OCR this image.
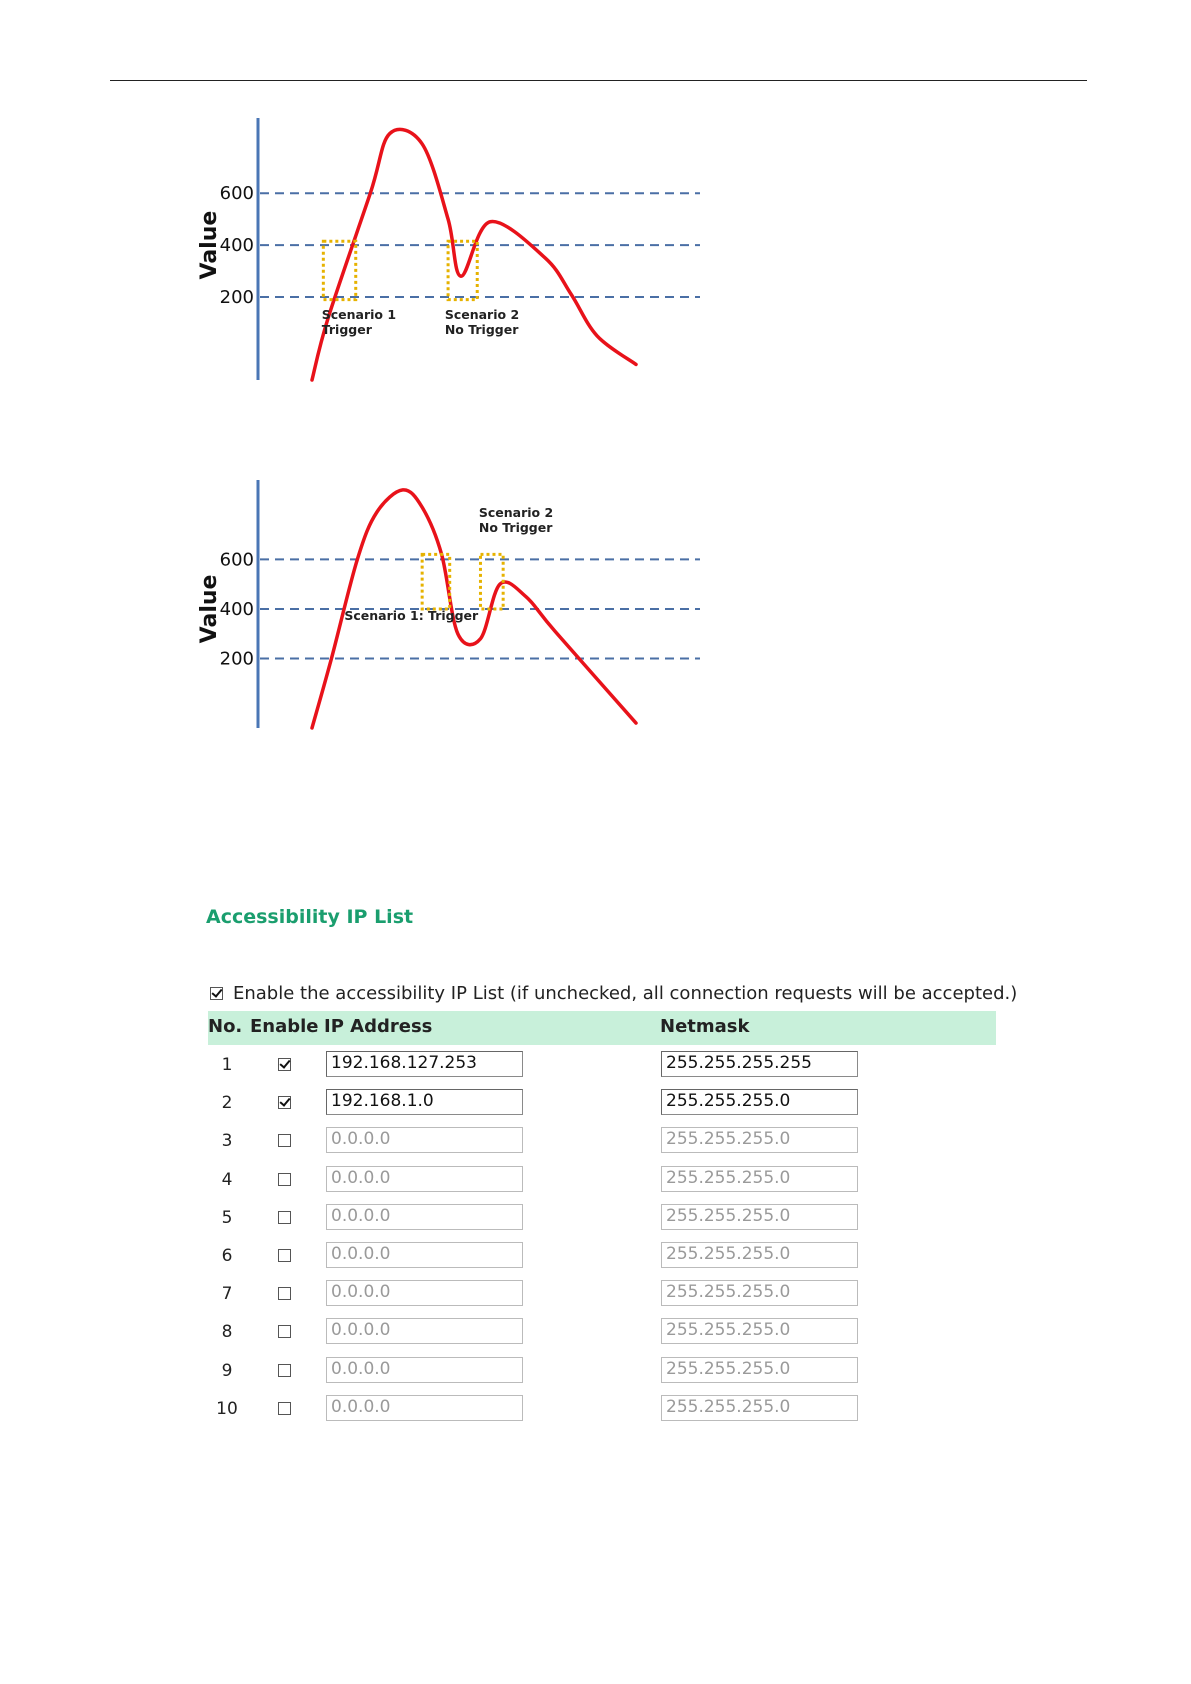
200
400
600
Value
Scenario 1
Trigger
Scenario 2
No Trigger
200
400
600
Value	Scenario 1: Trigger
Scenario 2
No Trigger
Accessibility IP List
Enable the accessibility IP List (if unchecked, all connection requests will be accepted.)
No. Enable IP Address	Netmask
1	192.168.127.253	255.255.255.255
2	192.168.1.0	255.255.255.0
3	0.0.0.0	255.255.255.0
4	0.0.0.0	255.255.255.0
5	0.0.0.0	255.255.255.0
6	0.0.0.0	255.255.255.0
7	0.0.0.0	255.255.255.0
8	0.0.0.0	255.255.255.0
9	0.0.0.0	255.255.255.0
10	0.0.0.0	255.255.255.0
